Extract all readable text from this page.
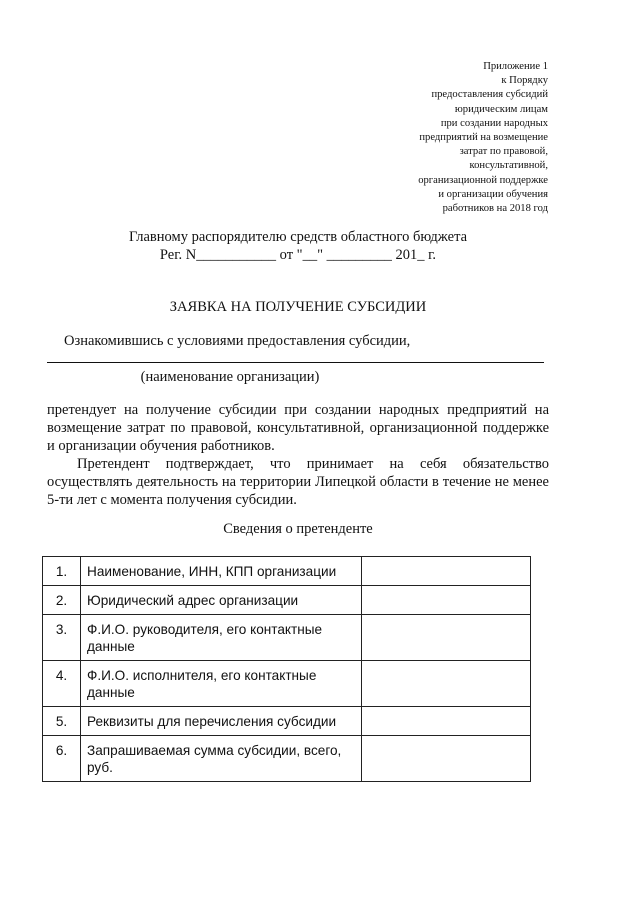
Приложение 1
к Порядку
предоставления субсидий
юридическим лицам
при создании народных
предприятий на возмещение
затрат по правовой,
консультативной,
организационной поддержке
и организации обучения
работников на 2018 год
Главному распорядителю средств областного бюджета
Рег. N___________ от "__" _________ 201_ г.
ЗАЯВКА НА ПОЛУЧЕНИЕ СУБСИДИИ
Ознакомившись с условиями предоставления субсидии,
(наименование организации)
претендует на получение субсидии при создании народных предприятий на возмещение затрат по правовой, консультативной, организационной поддержке и организации обучения работников.
Претендент подтверждает, что принимает на себя обязательство осуществлять деятельность на территории Липецкой области в течение не менее 5-ти лет с момента получения субсидии.
Сведения о претенденте
1.	Наименование, ИНН, КПП организации	
2.	Юридический адрес организации	
3.	Ф.И.О. руководителя, его контактные данные	
4.	Ф.И.О. исполнителя, его контактные данные	
5.	Реквизиты для перечисления субсидии	
6.	Запрашиваемая сумма субсидии, всего, руб.	
